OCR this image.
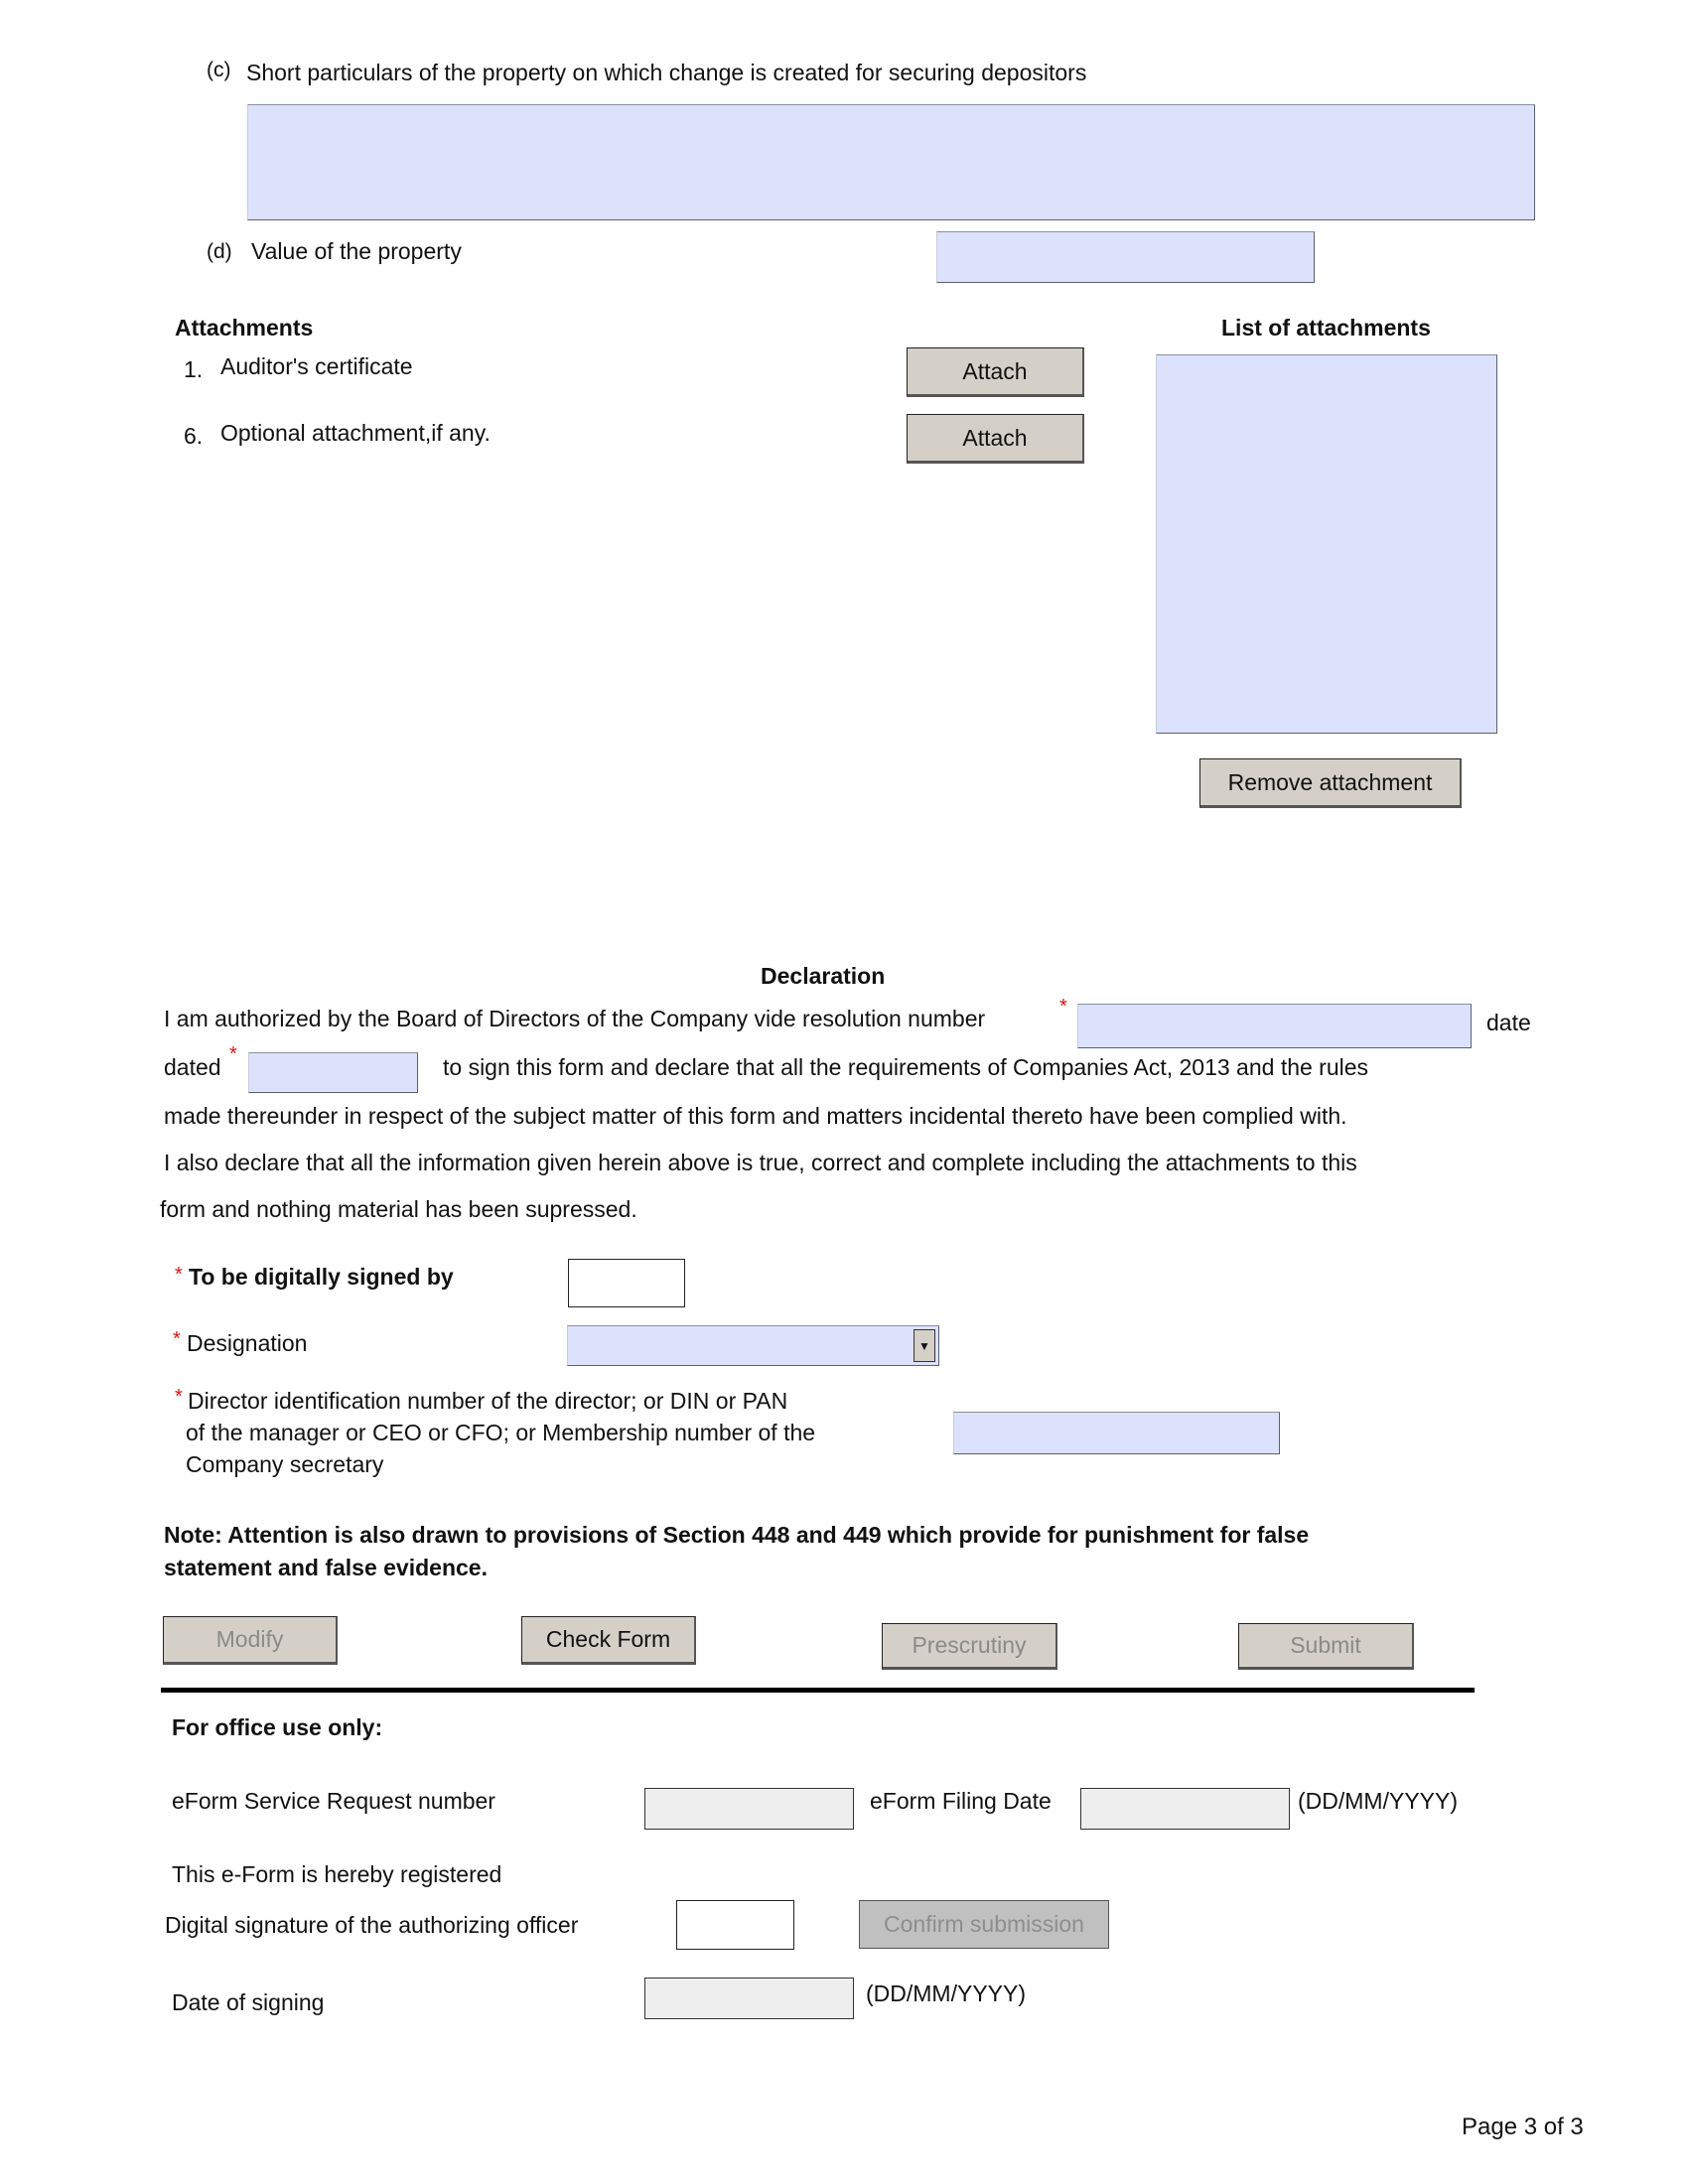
(c) Short particulars of the property on which change is created for securing depositors
(d) Value of the property
Attachments	List of attachments
1. Auditor's certificate	Attach
6. Optional attachment,if any.	Attach
Remove attachment
Declaration
I am authorized by the Board of Directors of the Company vide resolution number	*
date
dated *	to sign this form and declare that all the requirements of Companies Act, 2013 and the rules
made thereunder in respect of the subject matter of this form and matters incidental thereto have been complied with.
I also declare that all the information given herein above is true, correct and complete including the attachments to this
form and nothing material has been supressed.
* To be digitally signed by
* Designation	▼
* Director identification number of the director; or DIN or PAN
of the manager or CEO or CFO; or Membership number of the
Company secretary
Note: Attention is also drawn to provisions of Section 448 and 449 which provide for punishment for false
statement and false evidence.
Modify	Check Form	Prescrutiny	Submit
For office use only:
eForm Service Request number	eForm Filing Date	(DD/MM/YYYY)
This e-Form is hereby registered
Digital signature of the authorizing officer	Confirm submission
Date of signing	(DD/MM/YYYY)
Page 3 of 3
